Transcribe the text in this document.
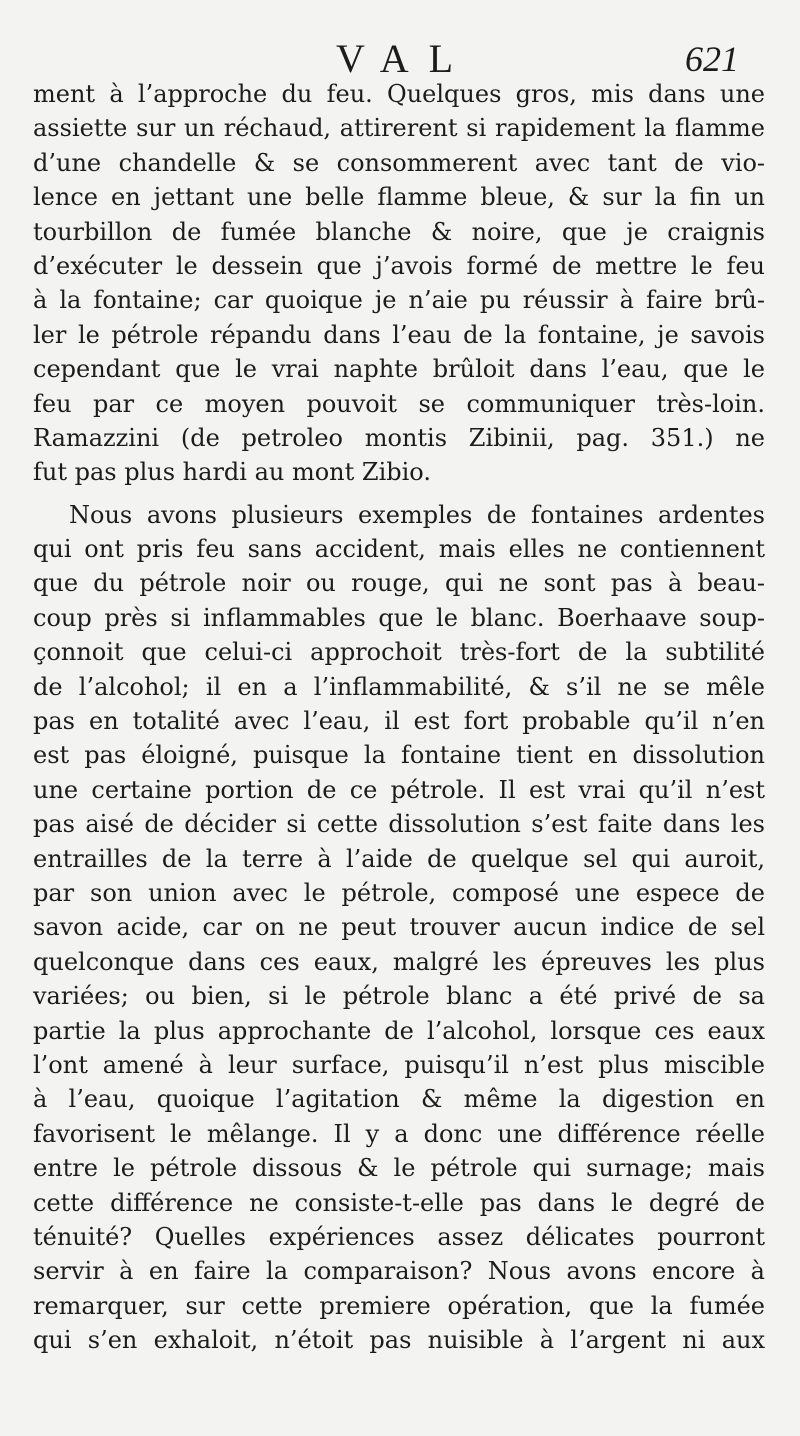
VAL	621
ment à l’approche du feu. Quelques gros, mis dans une
assiette sur un réchaud, attirerent si rapidement la flamme
d’une chandelle & se consommerent avec tant de vio-
lence en jettant une belle flamme bleue, & sur la fin un
tourbillon de fumée blanche & noire, que je craignis
d’exécuter le dessein que j’avois formé de mettre le feu
à la fontaine; car quoique je n’aie pu réussir à faire brû-
ler le pétrole répandu dans l’eau de la fontaine, je savois
cependant que le vrai naphte brûloit dans l’eau, que le
feu par ce moyen pouvoit se communiquer très-loin.
Ramazzini (de petroleo montis Zibinii, pag. 351.) ne
fut pas plus hardi au mont Zibio.
Nous avons plusieurs exemples de fontaines ardentes
qui ont pris feu sans accident, mais elles ne contiennent
que du pétrole noir ou rouge, qui ne sont pas à beau-
coup près si inflammables que le blanc. Boerhaave soup-
çonnoit que celui-ci approchoit très-fort de la subtilité
de l’alcohol; il en a l’inflammabilité, & s’il ne se mêle
pas en totalité avec l’eau, il est fort probable qu’il n’en
est pas éloigné, puisque la fontaine tient en dissolution
une certaine portion de ce pétrole. Il est vrai qu’il n’est
pas aisé de décider si cette dissolution s’est faite dans les
entrailles de la terre à l’aide de quelque sel qui auroit,
par son union avec le pétrole, composé une espece de
savon acide, car on ne peut trouver aucun indice de sel
quelconque dans ces eaux, malgré les épreuves les plus
variées; ou bien, si le pétrole blanc a été privé de sa
partie la plus approchante de l’alcohol, lorsque ces eaux
l’ont amené à leur surface, puisqu’il n’est plus miscible
à l’eau, quoique l’agitation & même la digestion en
favorisent le mêlange. Il y a donc une différence réelle
entre le pétrole dissous & le pétrole qui surnage; mais
cette différence ne consiste-t-elle pas dans le degré de
ténuité? Quelles expériences assez délicates pourront
servir à en faire la comparaison? Nous avons encore à
remarquer, sur cette premiere opération, que la fumée
qui s’en exhaloit, n’étoit pas nuisible à l’argent ni aux
